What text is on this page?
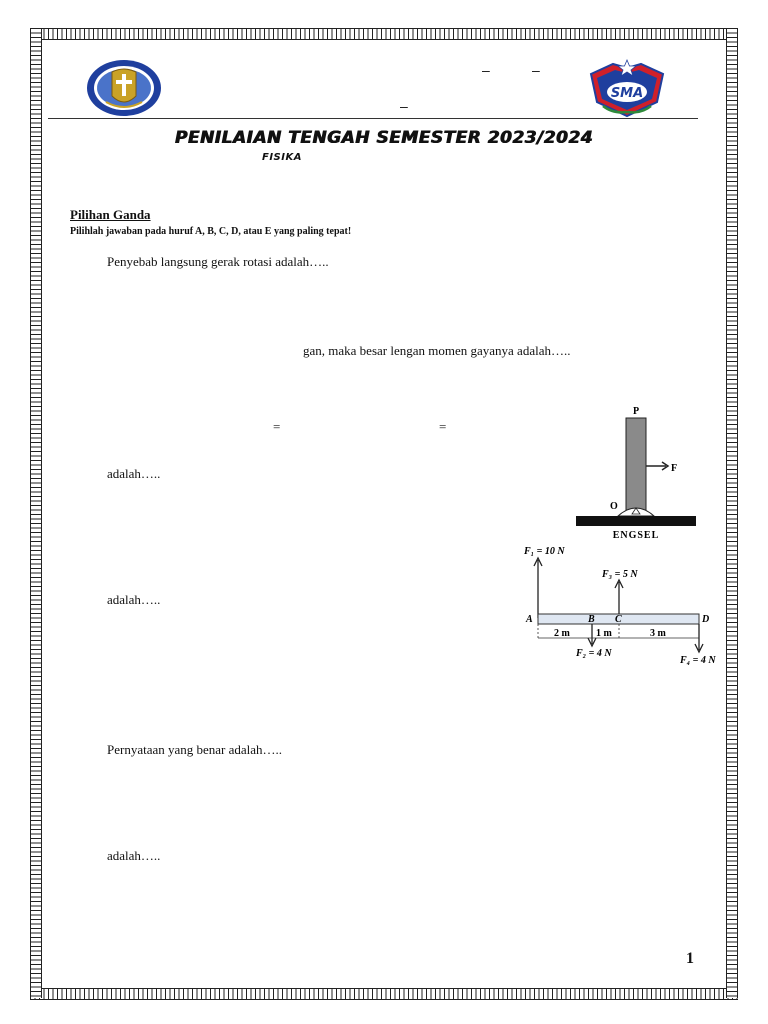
SMA
–	–
–
PENILAIAN TENGAH SEMESTER 2023/2024
FISIKA
Pilihan Ganda
Pilihlah jawaban pada huruf A, B, C, D, atau E yang paling tepat!
Penyebab langsung gerak rotasi adalah…..
gan, maka besar lengan momen gayanya adalah…..
=	=
adalah…..
adalah…..
Pernyataan yang benar adalah…..
adalah…..
P
F
O
ENGSEL
F₁ = 10 N
F₃ = 5 N
A	B C	D
F₂ = 4 N
F₄ = 4 N
2 m	1 m	3 m
1
